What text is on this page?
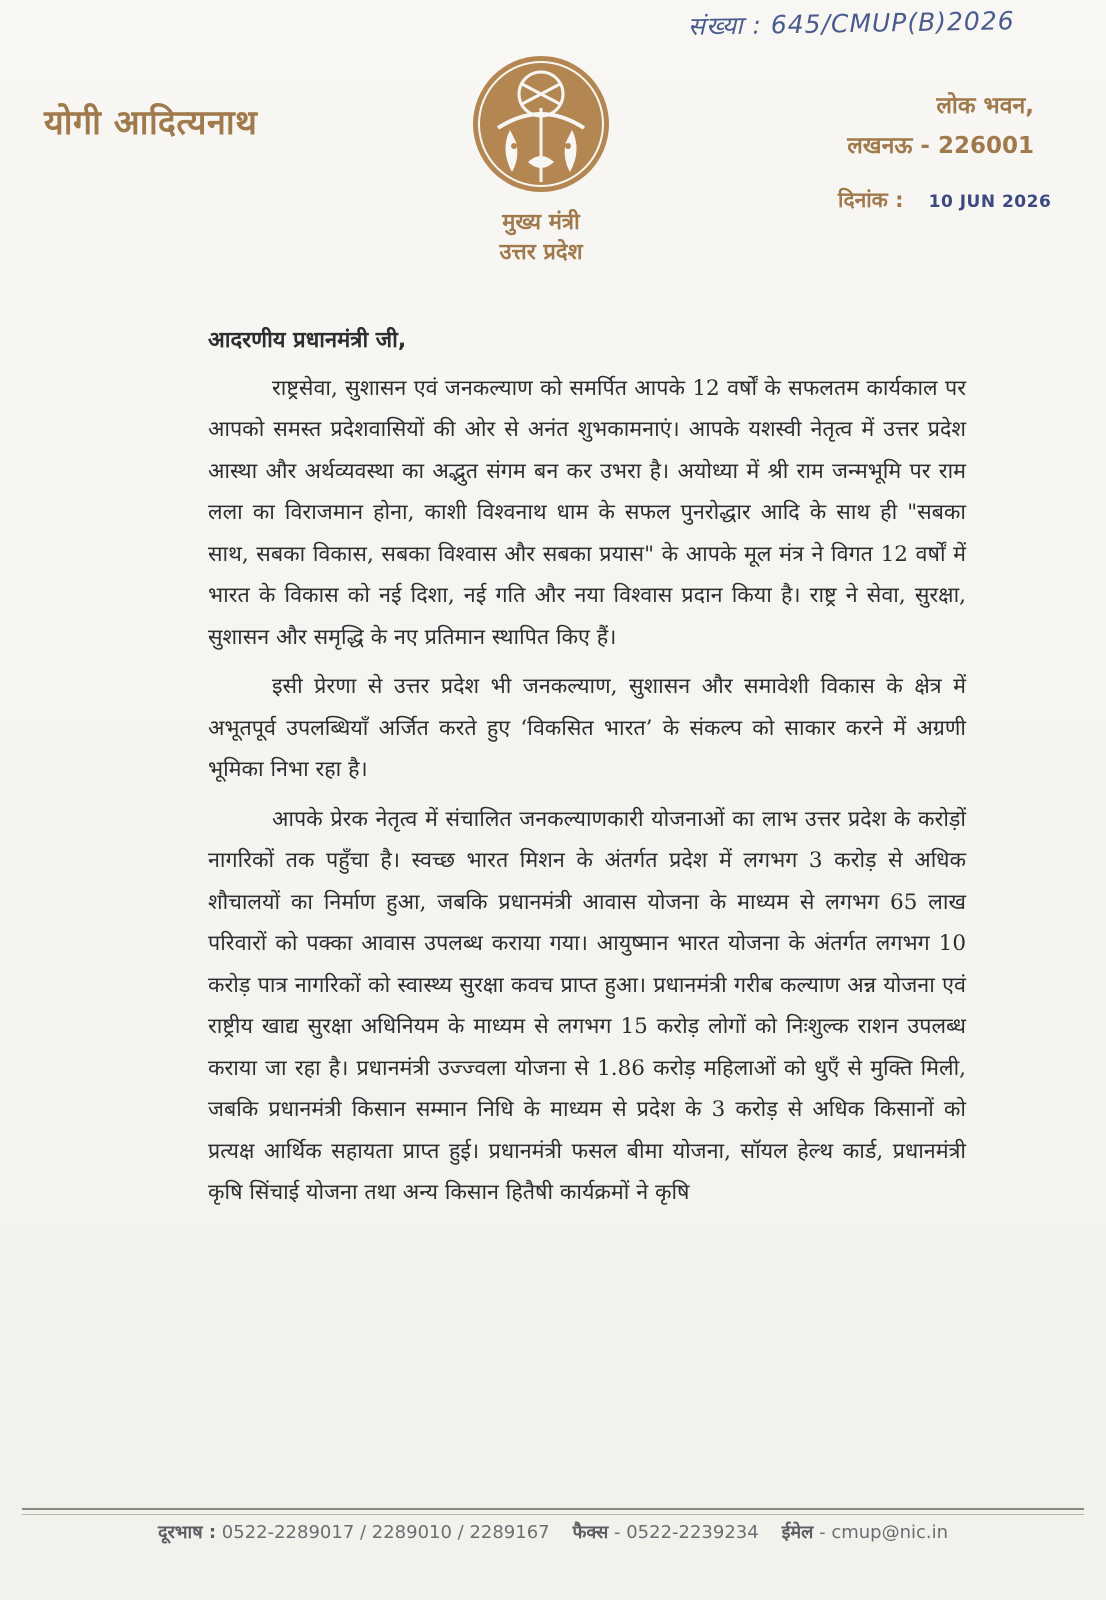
संख्या : 645/CMUP(B)2026
योगी आदित्यनाथ
मुख्य मंत्री
उत्तर प्रदेश
लोक भवन,
लखनऊ - 226001
दिनांक : 10 JUN 2026

आदरणीय प्रधानमंत्री जी,

राष्ट्रसेवा, सुशासन एवं जनकल्याण को समर्पित आपके 12 वर्षों के सफलतम कार्यकाल पर आपको समस्त प्रदेशवासियों की ओर से अनंत शुभकामनाएं। आपके यशस्वी नेतृत्व में उत्तर प्रदेश आस्था और अर्थव्यवस्था का अद्भुत संगम बन कर उभरा है। अयोध्या में श्री राम जन्मभूमि पर राम लला का विराजमान होना, काशी विश्वनाथ धाम के सफल पुनरोद्धार आदि के साथ ही "सबका साथ, सबका विकास, सबका विश्वास और सबका प्रयास" के आपके मूल मंत्र ने विगत 12 वर्षों में भारत के विकास को नई दिशा, नई गति और नया विश्वास प्रदान किया है। राष्ट्र ने सेवा, सुरक्षा, सुशासन और समृद्धि के नए प्रतिमान स्थापित किए हैं।

इसी प्रेरणा से उत्तर प्रदेश भी जनकल्याण, सुशासन और समावेशी विकास के क्षेत्र में अभूतपूर्व उपलब्धियाँ अर्जित करते हुए ‘विकसित भारत’ के संकल्प को साकार करने में अग्रणी भूमिका निभा रहा है।

आपके प्रेरक नेतृत्व में संचालित जनकल्याणकारी योजनाओं का लाभ उत्तर प्रदेश के करोड़ों नागरिकों तक पहुँचा है। स्वच्छ भारत मिशन के अंतर्गत प्रदेश में लगभग 3 करोड़ से अधिक शौचालयों का निर्माण हुआ, जबकि प्रधानमंत्री आवास योजना के माध्यम से लगभग 65 लाख परिवारों को पक्का आवास उपलब्ध कराया गया। आयुष्मान भारत योजना के अंतर्गत लगभग 10 करोड़ पात्र नागरिकों को स्वास्थ्य सुरक्षा कवच प्राप्त हुआ। प्रधानमंत्री गरीब कल्याण अन्न योजना एवं राष्ट्रीय खाद्य सुरक्षा अधिनियम के माध्यम से लगभग 15 करोड़ लोगों को निःशुल्क राशन उपलब्ध कराया जा रहा है। प्रधानमंत्री उज्ज्वला योजना से 1.86 करोड़ महिलाओं को धुएँ से मुक्ति मिली, जबकि प्रधानमंत्री किसान सम्मान निधि के माध्यम से प्रदेश के 3 करोड़ से अधिक किसानों को प्रत्यक्ष आर्थिक सहायता प्राप्त हुई। प्रधानमंत्री फसल बीमा योजना, सॉयल हेल्थ कार्ड, प्रधानमंत्री कृषि सिंचाई योजना तथा अन्य किसान हितैषी कार्यक्रमों ने कृषि

दूरभाष : 0522-2289017 / 2289010 / 2289167 फैक्स - 0522-2239234 ईमेल - cmup@nic.in
